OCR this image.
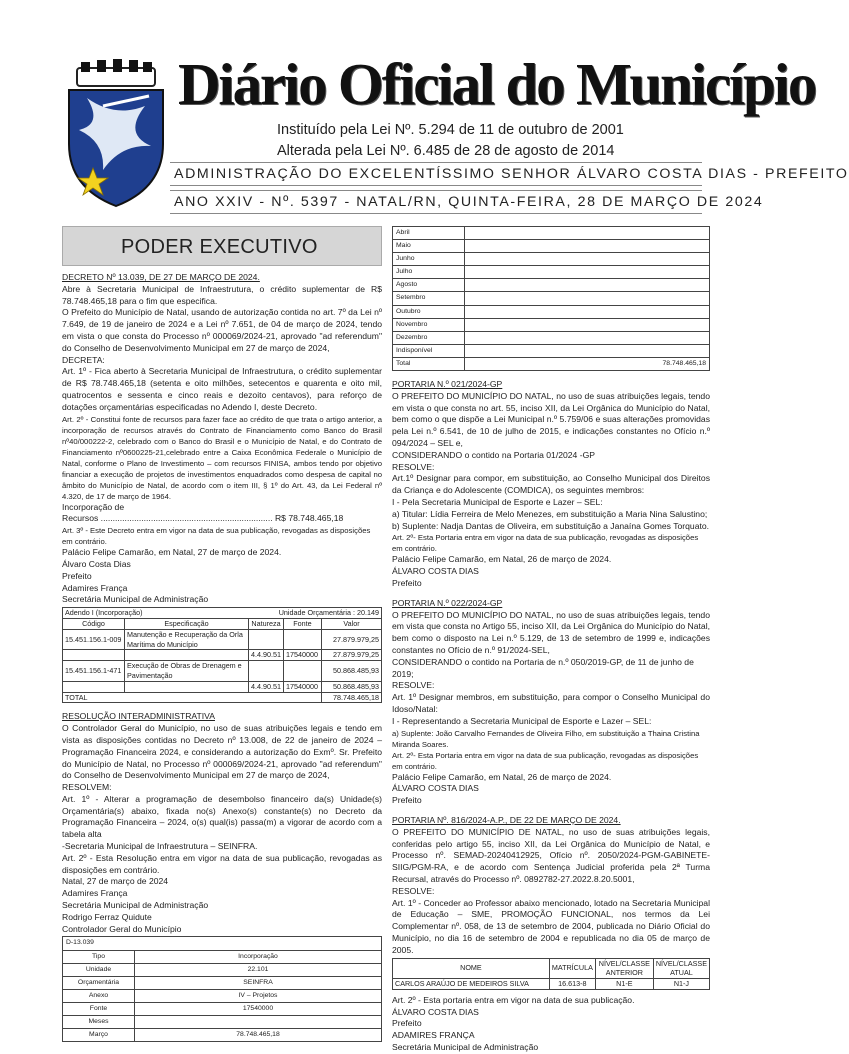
Diário Oficial do Município
Instituído pela Lei Nº. 5.294 de 11 de outubro de 2001
Alterada pela Lei Nº. 6.485 de 28 de agosto de 2014
ADMINISTRAÇÃO DO EXCELENTÍSSIMO SENHOR ÁLVARO COSTA DIAS - PREFEITO
ANO XXIV - Nº. 5397 - NATAL/RN, QUINTA-FEIRA, 28 DE MARÇO DE 2024
PODER EXECUTIVO
DECRETO Nº 13.039, DE 27 DE MARÇO DE 2024.
Abre à Secretaria Municipal de Infraestrutura, o crédito suplementar de R$ 78.748.465,18 para o fim que especifica.
O Prefeito do Município de Natal, usando de autorização contida no art. 7º da Lei nº 7.649, de 19 de janeiro de 2024 e a Lei nº 7.651, de 04 de março de 2024, tendo em vista o que consta do Processo nº 000069/2024-21, aprovado "ad referendum" do Conselho de Desenvolvimento Municipal em 27 de março de 2024,
DECRETA:
Art. 1º - Fica aberto à Secretaria Municipal de Infraestrutura, o crédito suplementar de R$ 78.748.465,18 (setenta e oito milhões, setecentos e quarenta e oito mil, quatrocentos e sessenta e cinco reais e dezoito centavos), para reforço de dotações orçamentárias especificadas no Adendo I, deste Decreto.
Art. 2º - Constitui fonte de recursos para fazer face ao crédito de que trata o artigo anterior, a incorporação de recursos através do Contrato de Financiamento como Banco do Brasil nº40/000222-2, celebrado com o Banco do Brasil e o Município de Natal, e do Contrato de Financiamento nº0600225-21,celebrado entre a Caixa Econômica Federale o Município de Natal, conforme o Plano de Investimento – com recursos FINISA, ambos tendo por objetivo financiar a execução de projetos de investimentos enquadrados como despesa de capital no âmbito do Município de Natal, de acordo com o item III, § 1º do Art. 43, da Lei Federal nº 4.320, de 17 de março de 1964.
Incorporação de
Recursos ........................................................................ R$ 78.748.465,18
Art. 3º - Este Decreto entra em vigor na data de sua publicação, revogadas as disposições em contrário.
Palácio Felipe Camarão, em Natal, 27 de março de 2024.
Álvaro Costa Dias
Prefeito
Adamires França
Secretária Municipal de Administração
Adendo I (Incorporação)		Unidade Orçamentária : 20.149		
Código	Especificação	Natureza	Fonte	Valor
15.451.156.1-009	Manutenção e Recuperação da Orla Marítima do Município			27.879.979,25
		4.4.90.51	17540000	27.879.979,25
15.451.156.1-471	Execução de Obras de Drenagem e Pavimentação			50.868.485,93
		4.4.90.51	17540000	50.868.485,93
TOTAL				78.748.465,18
RESOLUÇÃO INTERADMINISTRATIVA
O Controlador Geral do Município, no uso de suas atribuições legais e tendo em vista as disposições contidas no Decreto nº 13.008, de 22 de janeiro de 2024 – Programação Financeira 2024, e considerando a autorização do Exmº. Sr. Prefeito do Município de Natal, no Processo nº 000069/2024-21, aprovado "ad referendum" do Conselho de Desenvolvimento Municipal em 27 de março de 2024,
RESOLVEM:
Art. 1º - Alterar a programação de desembolso financeiro da(s) Unidade(s) Orçamentária(s) abaixo, fixada no(s) Anexo(s) constante(s) no Decreto da Programação Financeira – 2024, o(s) qual(is) passa(m) a vigorar de acordo com a tabela alta
-Secretaria Municipal de Infraestrutura – SEINFRA.
Art. 2º - Esta Resolução entra em vigor na data de sua publicação, revogadas as disposições em contrário.
Natal, 27 de março de 2024
Adamires França
Secretária Municipal de Administração
Rodrigo Ferraz Quidute
Controlador Geral do Município
D-13.039	
Tipo	Incorporação
Unidade	22.101
Orçamentária	SEINFRA
Anexo	IV – Projetos
Fonte	17540000
Meses	
Março	78.748.465,18
Abril	
Maio	
Junho	
Julho	
Agosto	
Setembro	
Outubro	
Novembro	
Dezembro	
Indisponível	
Total	78.748.465,18
PORTARIA N.º 021/2024-GP
O PREFEITO DO MUNICÍPIO DO NATAL, no uso de suas atribuições legais, tendo em vista o que consta no art. 55, inciso XII, da Lei Orgânica do Município do Natal, bem como o que dispõe a Lei Municipal n.º 5.759/06 e suas alterações promovidas pela Lei n.º 6.541, de 10 de julho de 2015, e indicações constantes no Ofício n.º 094/2024 – SEL e,
CONSIDERANDO o contido na Portaria 01/2024 -GP
RESOLVE:
Art.1º Designar para compor, em substituição, ao Conselho Municipal dos Direitos da Criança e do Adolescente (COMDICA), os seguintes membros:
I - Pela Secretaria Municipal de Esporte e Lazer – SEL:
a) Titular: Lídia Ferreira de Melo Menezes, em substituição a Maria Nina Salustino;
b) Suplente: Nadja Dantas de Oliveira, em substituição a Janaína Gomes Torquato.
Art. 2º- Esta Portaria entra em vigor na data de sua publicação, revogadas as disposições em contrário.
Palácio Felipe Camarão, em Natal, 26 de março de 2024.
ÁLVARO COSTA DIAS
Prefeito
PORTARIA N.º 022/2024-GP
O PREFEITO DO MUNICÍPIO DO NATAL, no uso de suas atribuições legais, tendo em vista que consta no Artigo 55, inciso XII, da Lei Orgânica do Município do Natal, bem como o disposto na Lei n.º 5.129, de 13 de setembro de 1999 e, indicações constantes no Ofício de n.º 91/2024-SEL,
CONSIDERANDO o contido na Portaria de n.º 050/2019-GP, de 11 de junho de 2019;
RESOLVE:
Art. 1º Designar membros, em substituição, para compor o Conselho Municipal do Idoso/Natal:
I - Representando a Secretaria Municipal de Esporte e Lazer – SEL:
a) Suplente: João Carvalho Fernandes de Oliveira Filho, em substituição a Thaina Cristina Miranda Soares.
Art. 2º- Esta Portaria entra em vigor na data de sua publicação, revogadas as disposições em contrário.
Palácio Felipe Camarão, em Natal, 26 de março de 2024.
ÁLVARO COSTA DIAS
Prefeito
PORTARIA Nº. 816/2024-A.P., DE 22 DE MARÇO DE 2024.
O PREFEITO DO MUNICÍPIO DE NATAL, no uso de suas atribuições legais, conferidas pelo artigo 55, inciso XII, da Lei Orgânica do Município de Natal, e Processo nº. SEMAD-20240412925, Ofício nº. 2050/2024-PGM-GABINETE-SIIG/PGM-RA, e de acordo com Sentença Judicial proferida pela 2ª Turma Recursal, através do Processo nº. 0892782-27.2022.8.20.5001,
RESOLVE:
Art. 1º - Conceder ao Professor abaixo mencionado, lotado na Secretaria Municipal de Educação – SME, PROMOÇÃO FUNCIONAL, nos termos da Lei Complementar nº. 058, de 13 de setembro de 2004, publicada no Diário Oficial do Município, no dia 16 de setembro de 2004 e republicada no dia 05 de março de 2005.
NOME	MATRÍCULA	NÍVEL/CLASSE ANTERIOR	NÍVEL/CLASSE ATUAL
CARLOS ARAÚJO DE MEDEIROS SILVA	16.613-8	N1-E	N1-J
Art. 2º - Esta portaria entra em vigor na data de sua publicação.
ÁLVARO COSTA DIAS
Prefeito
ADAMIRES FRANÇA
Secretária Municipal de Administração
